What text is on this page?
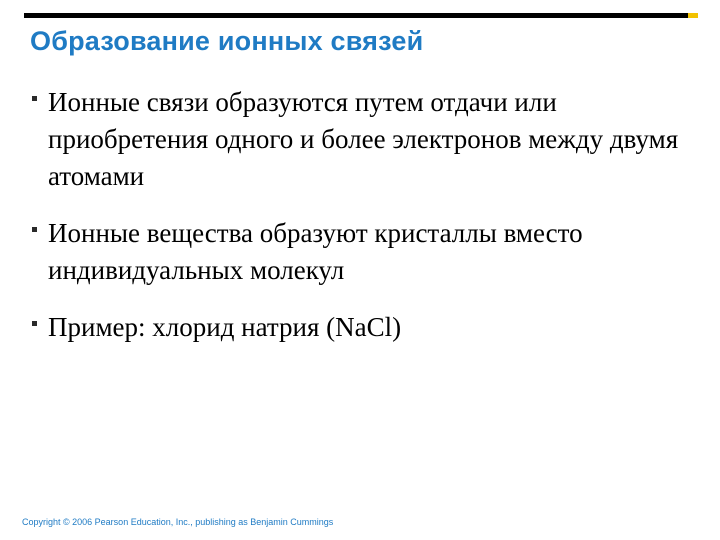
Образование ионных связей
Ионные связи образуются путем отдачи или приобретения одного и более электронов между двумя атомами
Ионные вещества образуют кристаллы вместо индивидуальных молекул
Пример: хлорид натрия (NaCl)
Copyright © 2006 Pearson Education, Inc., publishing as Benjamin Cummings
